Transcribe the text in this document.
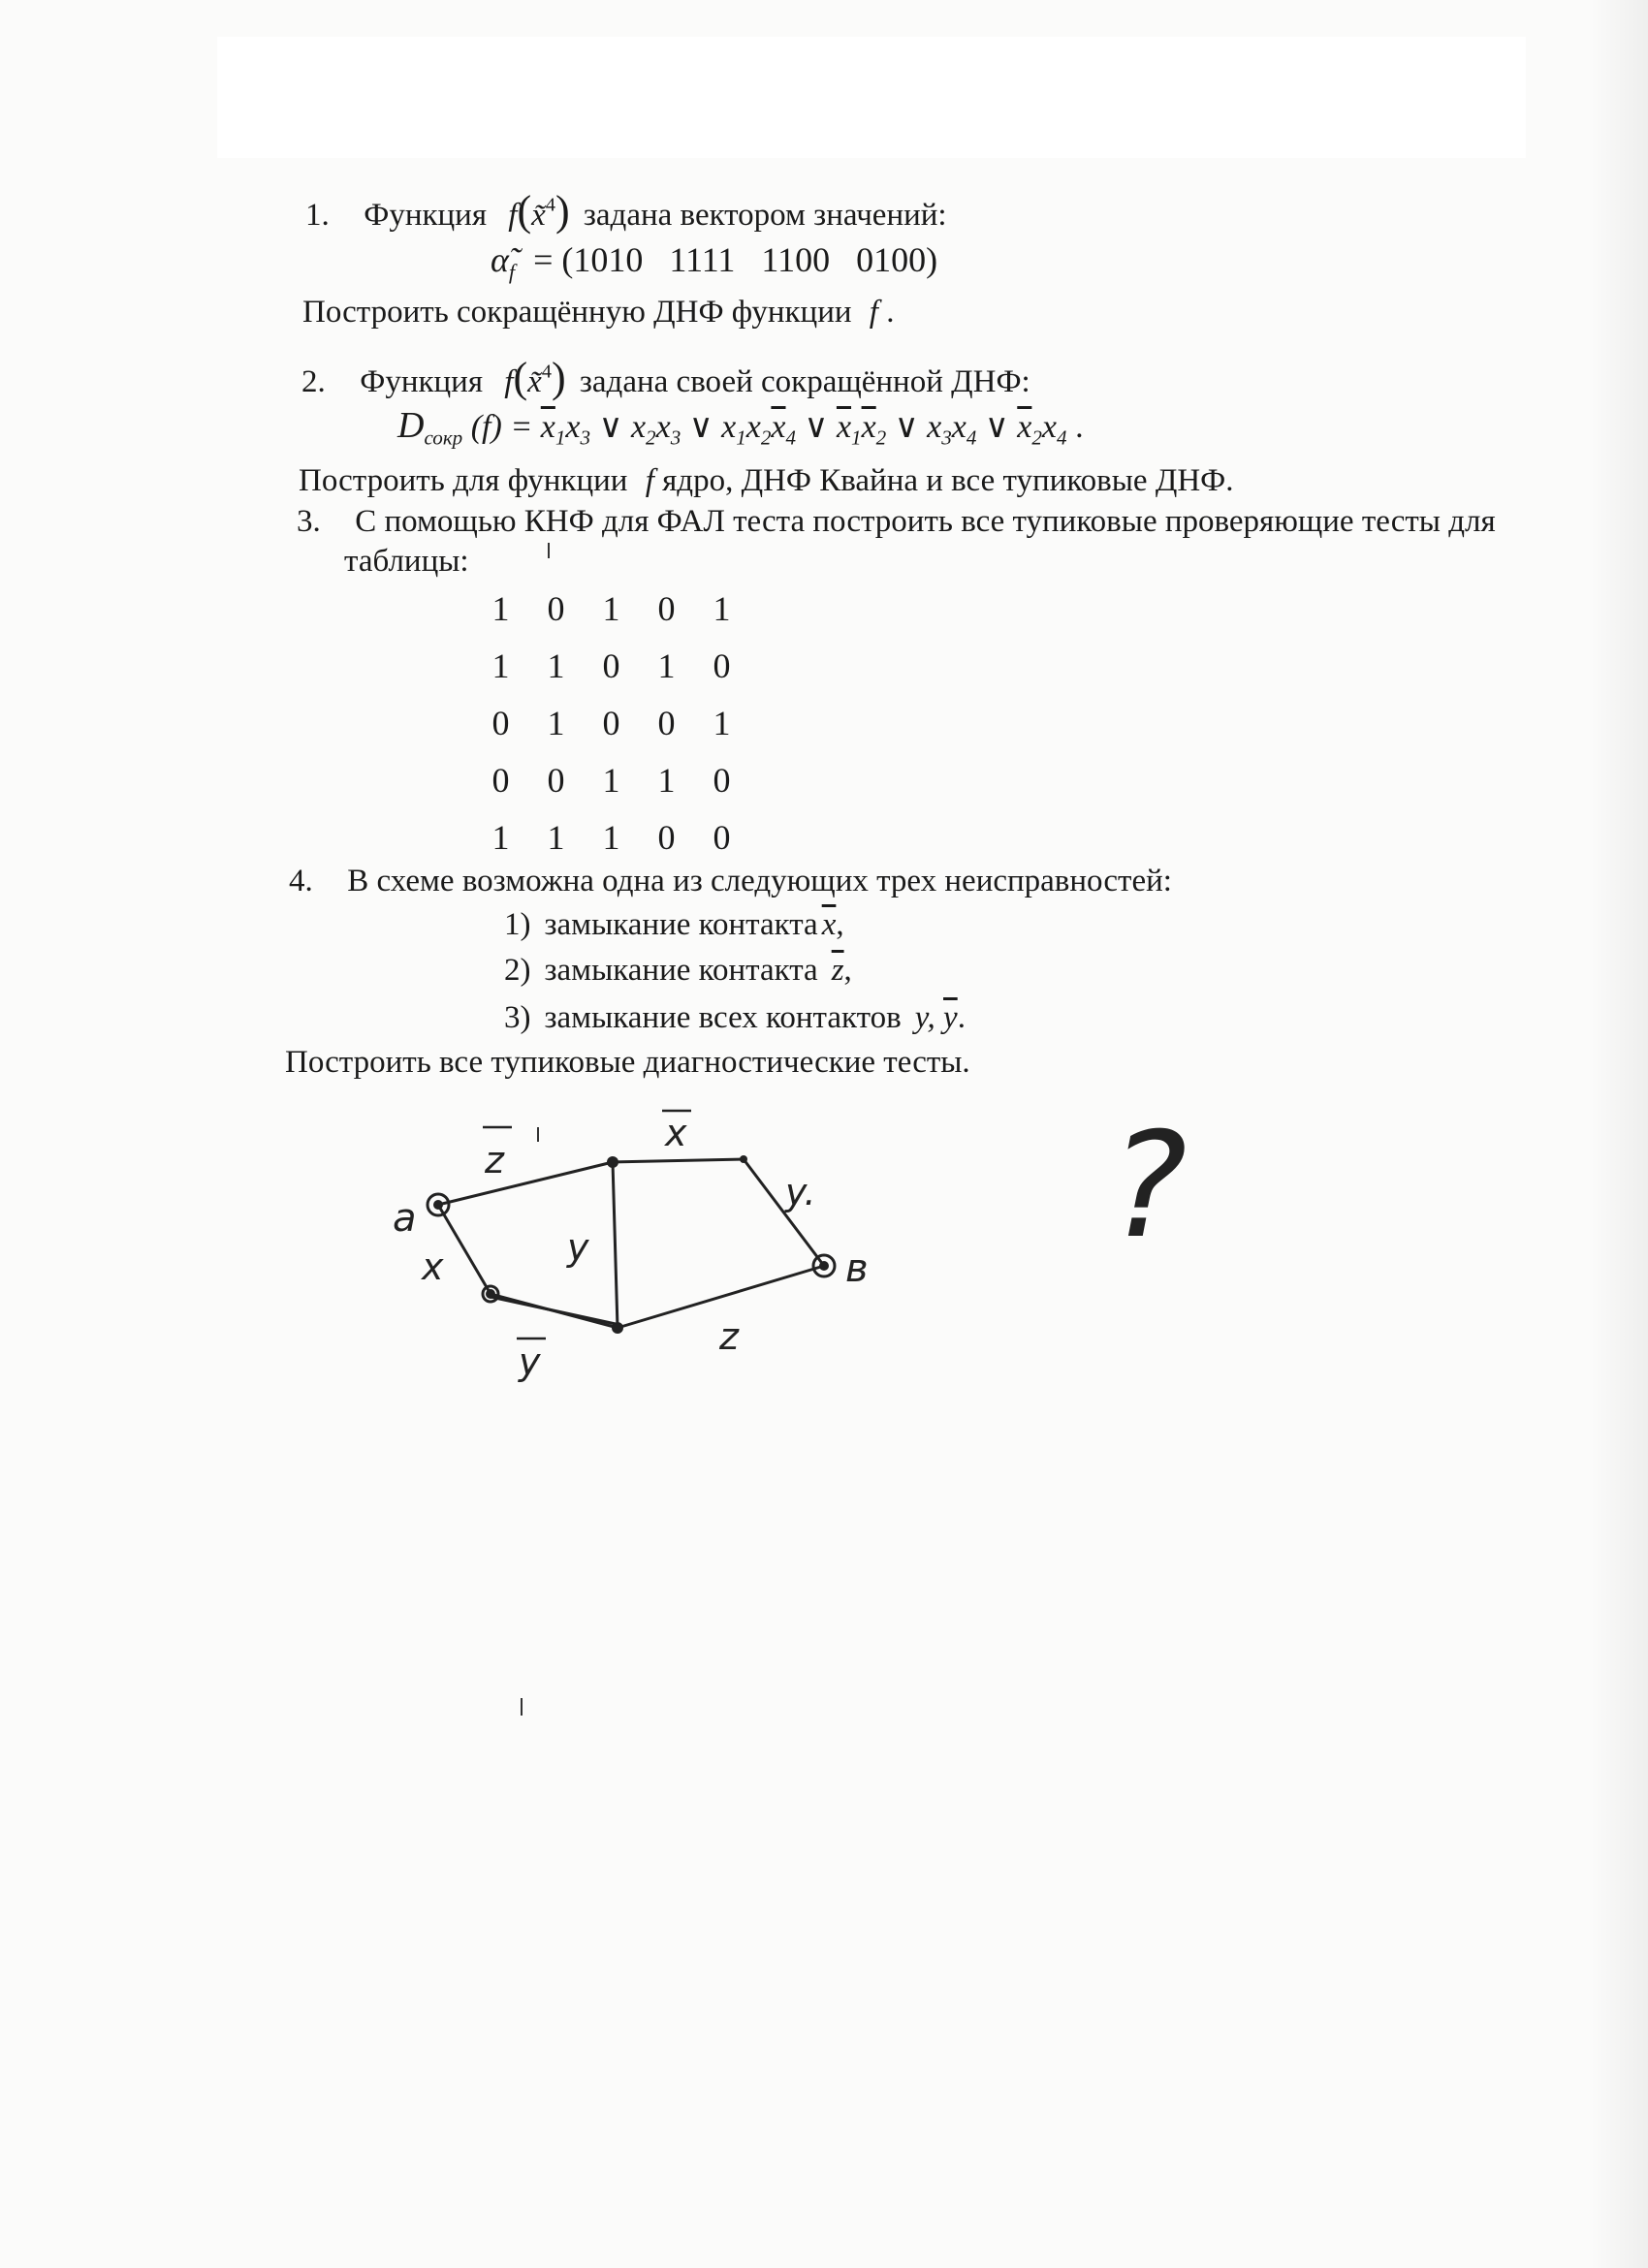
1. Функция f(x̃$^4$) задана вектором значений:
$\alphã_f = (1010$   1111   1100   0100)
Построить сокращённую ДНФ функции f .
2. Функция f(x̃$^4$) задана своей сокращённой ДНФ:
$D_{сокр}$ $(f) = \overline{x}_1x_3$ ∨ $x_2x_3$ ∨ $x_1x_2\overline{x}_4$ ∨ $\overline{x}_1\overline{x}_2$ ∨ $x_3x_4$ ∨ $\overline{x}_2x_4$ .
Построить для функции f ядро, ДНФ Квайна и все тупиковые ДНФ.
3. С помощью КНФ для ФАЛ теста построить все тупиковые проверяющие тесты для
таблицы:
1	0	1	0	1
1	1	0	1	0
0	1	0	0	1
0	0	1	1	0
1	1	1	0	0
4. В схеме возможна одна из следующих трех неисправностей:
1) замыкание контакта $\overline{x}$,
2) замыкание контакта $\overline{z}$,
3) замыкание всех контактов y, $\overline{y}$.
Построить все тупиковые диагностические тесты.
a
в
z
x
y.
x	y
y
z
?
